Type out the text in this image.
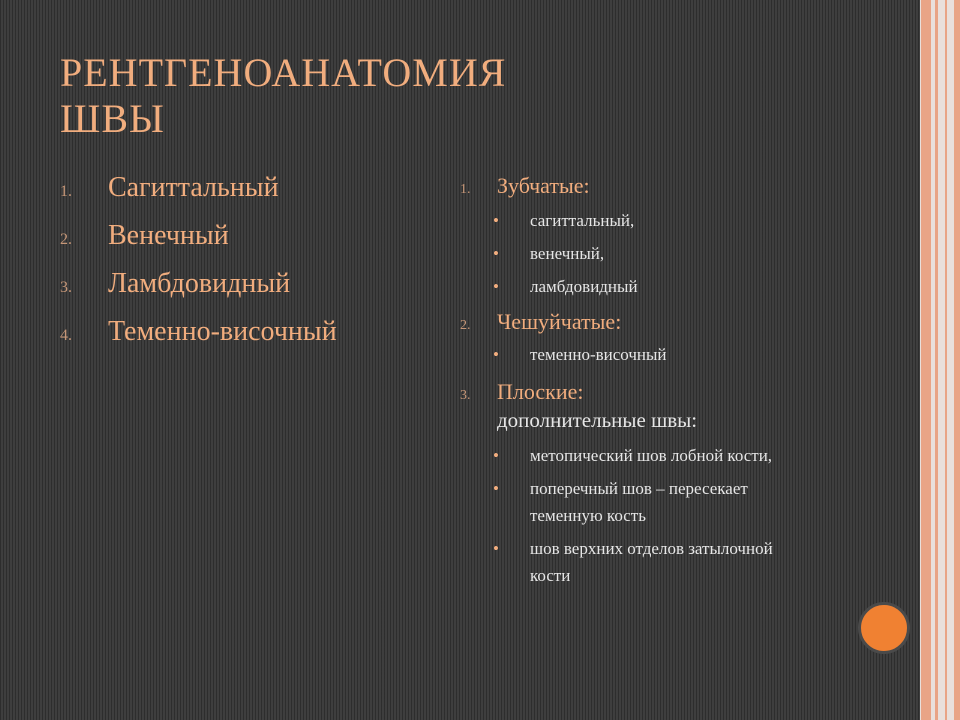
РЕНТГЕНОАНАТОМИЯ
ШВЫ
1.	Сагиттальный
2.	Венечный
3.	Ламбдовидный
4.	Теменно-височный
1.	Зубчатые:
• сагиттальный,
• венечный,
• ламбдовидный
2.	Чешуйчатые:
• теменно-височный
3.	Плоские:
дополнительные швы:
• метопический шов лобной кости,
• поперечный шов – пересекает теменную кость
• шов верхних отделов затылочной кости
